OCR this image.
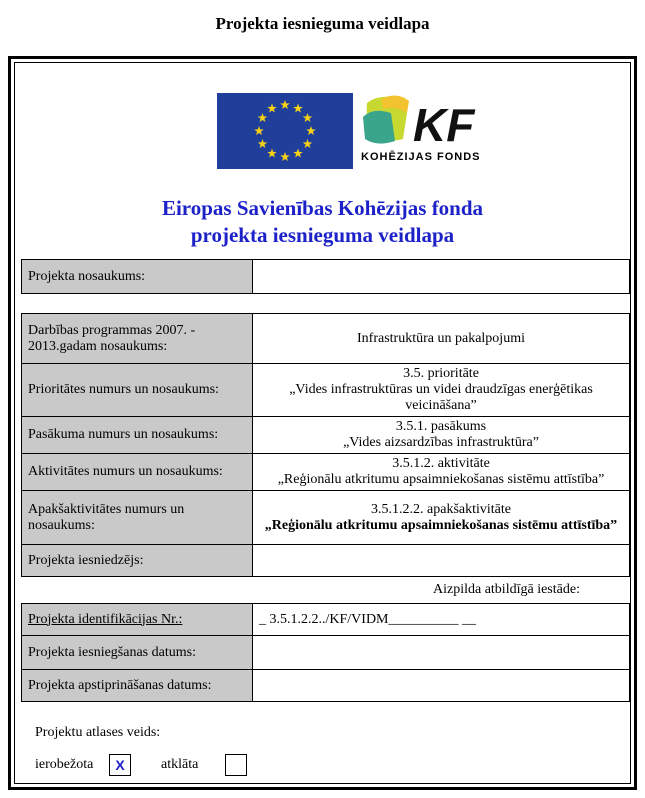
Projekta iesnieguma veidlapa
KF
KOHĒZIJAS FONDS
Eiropas Savienības Kohēzijas fonda
projekta iesnieguma veidlapa
Projekta nosaukums:	
Darbības programmas 2007. - 2013.gadam nosaukums:	Infrastruktūra un pakalpojumi
Prioritātes numurs un nosaukums:	3.5. prioritāte
„Vides infrastruktūras un videi draudzīgas enerģētikas veicināšana”

Pasākuma numurs un nosaukums:	3.5.1. pasākums
„Vides aizsardzības infrastruktūra”

Aktivitātes numurs un nosaukums:	3.5.1.2. aktivitāte
„Reģionālu atkritumu apsaimniekošanas sistēmu attīstība”

Apakšaktivitātes numurs un nosaukums:	3.5.1.2.2. apakšaktivitāte
„Reģionālu atkritumu apsaimniekošanas sistēmu attīstība”

Projekta iesniedzējs:	
Aizpilda atbildīgā iestāde:
Projekta identifikācijas Nr.:	_ 3.5.1.2.2../KF/VIDM__________ __
Projekta iesniegšanas datums:	
Projekta apstiprināšanas datums:	
Projektu atlases veids:
ierobežota	X	atklāta
